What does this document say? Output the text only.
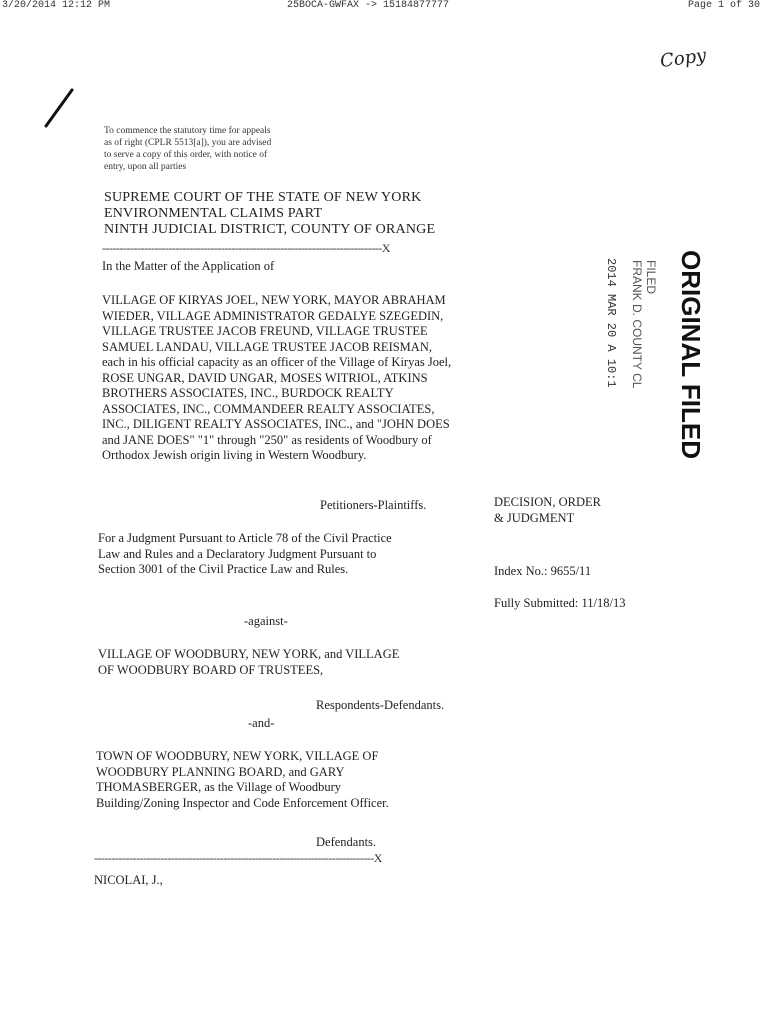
3/20/2014 12:12 PM	25BOCA-GWFAX -> 15184877777	Page 1 of 30
Copy
To commence the statutory time for appeals
as of right (CPLR 5513[a]), you are advised
to serve a copy of this order, with notice of
entry, upon all parties
SUPREME COURT OF THE STATE OF NEW YORK
ENVIRONMENTAL CLAIMS PART
NINTH JUDICIAL DISTRICT, COUNTY OF ORANGE
--------------------------------------------------------------------------------X
In the Matter of the Application of
VILLAGE OF KIRYAS JOEL, NEW YORK, MAYOR ABRAHAM
WIEDER, VILLAGE ADMINISTRATOR GEDALYE SZEGEDIN,
VILLAGE TRUSTEE JACOB FREUND, VILLAGE TRUSTEE
SAMUEL LANDAU, VILLAGE TRUSTEE JACOB REISMAN,
each in his official capacity as an officer of the Village of Kiryas Joel,
ROSE UNGAR, DAVID UNGAR, MOSES WITRIOL, ATKINS
BROTHERS ASSOCIATES, INC., BURDOCK REALTY
ASSOCIATES, INC., COMMANDEER REALTY ASSOCIATES,
INC., DILIGENT REALTY ASSOCIATES, INC., and "JOHN DOES
and JANE DOES" "1" through "250" as residents of Woodbury of
Orthodox Jewish origin living in Western Woodbury.
Petitioners-Plaintiffs.	DECISION, ORDER
& JUDGMENT
For a Judgment Pursuant to Article 78 of the Civil Practice
Law and Rules and a Declaratory Judgment Pursuant to
Section 3001 of the Civil Practice Law and Rules.	Index No.: 9655/11
Fully Submitted: 11/18/13
-against-
VILLAGE OF WOODBURY, NEW YORK, and VILLAGE
OF WOODBURY BOARD OF TRUSTEES,
Respondents-Defendants.
-and-
TOWN OF WOODBURY, NEW YORK, VILLAGE OF
WOODBURY PLANNING BOARD, and GARY
THOMASBERGER, as the Village of Woodbury
Building/Zoning Inspector and Code Enforcement Officer.
Defendants.
--------------------------------------------------------------------------------X
NICOLAI, J.,
ORIGINAL FILED
FILED
FRANK D. COUNTY CL
2014 MAR 20 A 10:1
